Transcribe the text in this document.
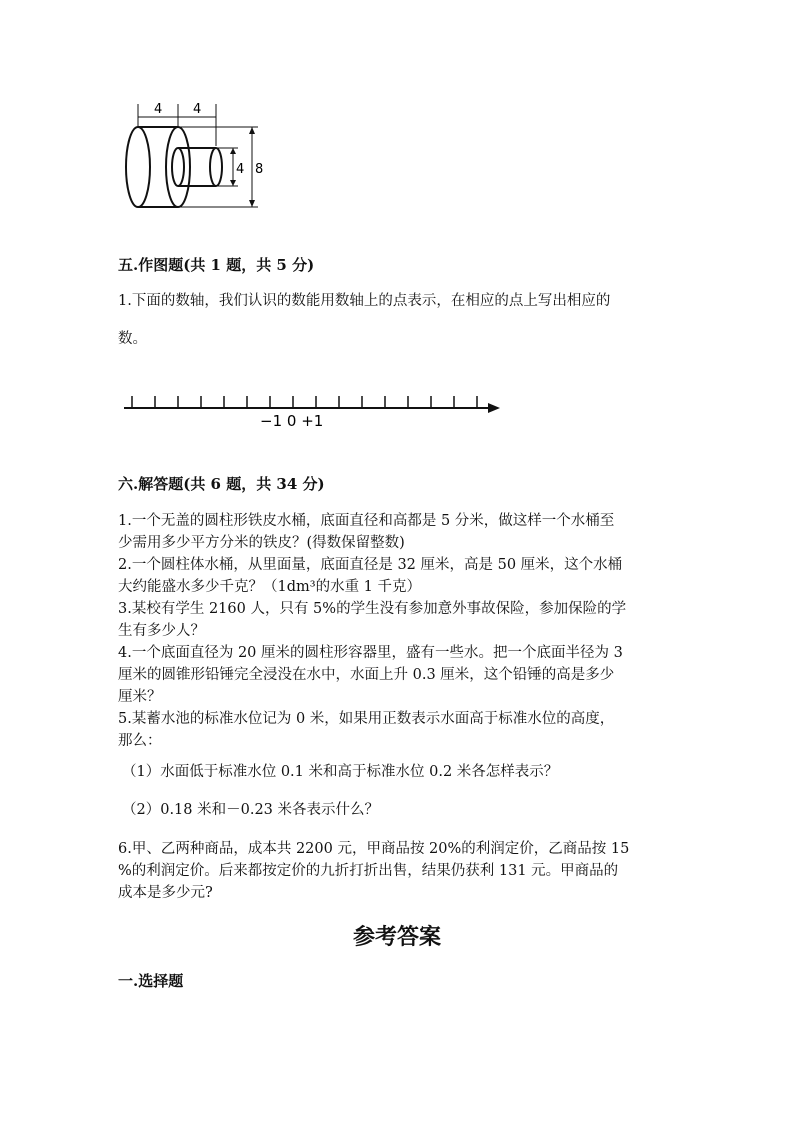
4 4
4 8
五.作图题(共 1 题，共 5 分)
1.下面的数轴，我们认识的数能用数轴上的点表示，在相应的点上写出相应的
数。
−1 0 +1
六.解答题(共 6 题，共 34 分)
1.一个无盖的圆柱形铁皮水桶，底面直径和高都是 5 分米，做这样一个水桶至
少需用多少平方分米的铁皮？(得数保留整数)
2.一个圆柱体水桶，从里面量，底面直径是 32 厘米，高是 50 厘米，这个水桶
大约能盛水多少千克？（1dm³的水重 1 千克）
3.某校有学生 2160 人，只有 5%的学生没有参加意外事故保险，参加保险的学
生有多少人？
4.一个底面直径为 20 厘米的圆柱形容器里，盛有一些水。把一个底面半径为 3
厘米的圆锥形铅锤完全浸没在水中，水面上升 0.3 厘米，这个铅锤的高是多少
厘米？
5.某蓄水池的标准水位记为 0 米，如果用正数表示水面高于标准水位的高度，
那么：
（1）水面低于标准水位 0.1 米和高于标准水位 0.2 米各怎样表示？
（2）0.18 米和－0.23 米各表示什么？
6.甲、乙两种商品，成本共 2200 元，甲商品按 20%的利润定价，乙商品按 15
%的利润定价。后来都按定价的九折打折出售，结果仍获利 131 元。甲商品的
成本是多少元?
参考答案
一.选择题
